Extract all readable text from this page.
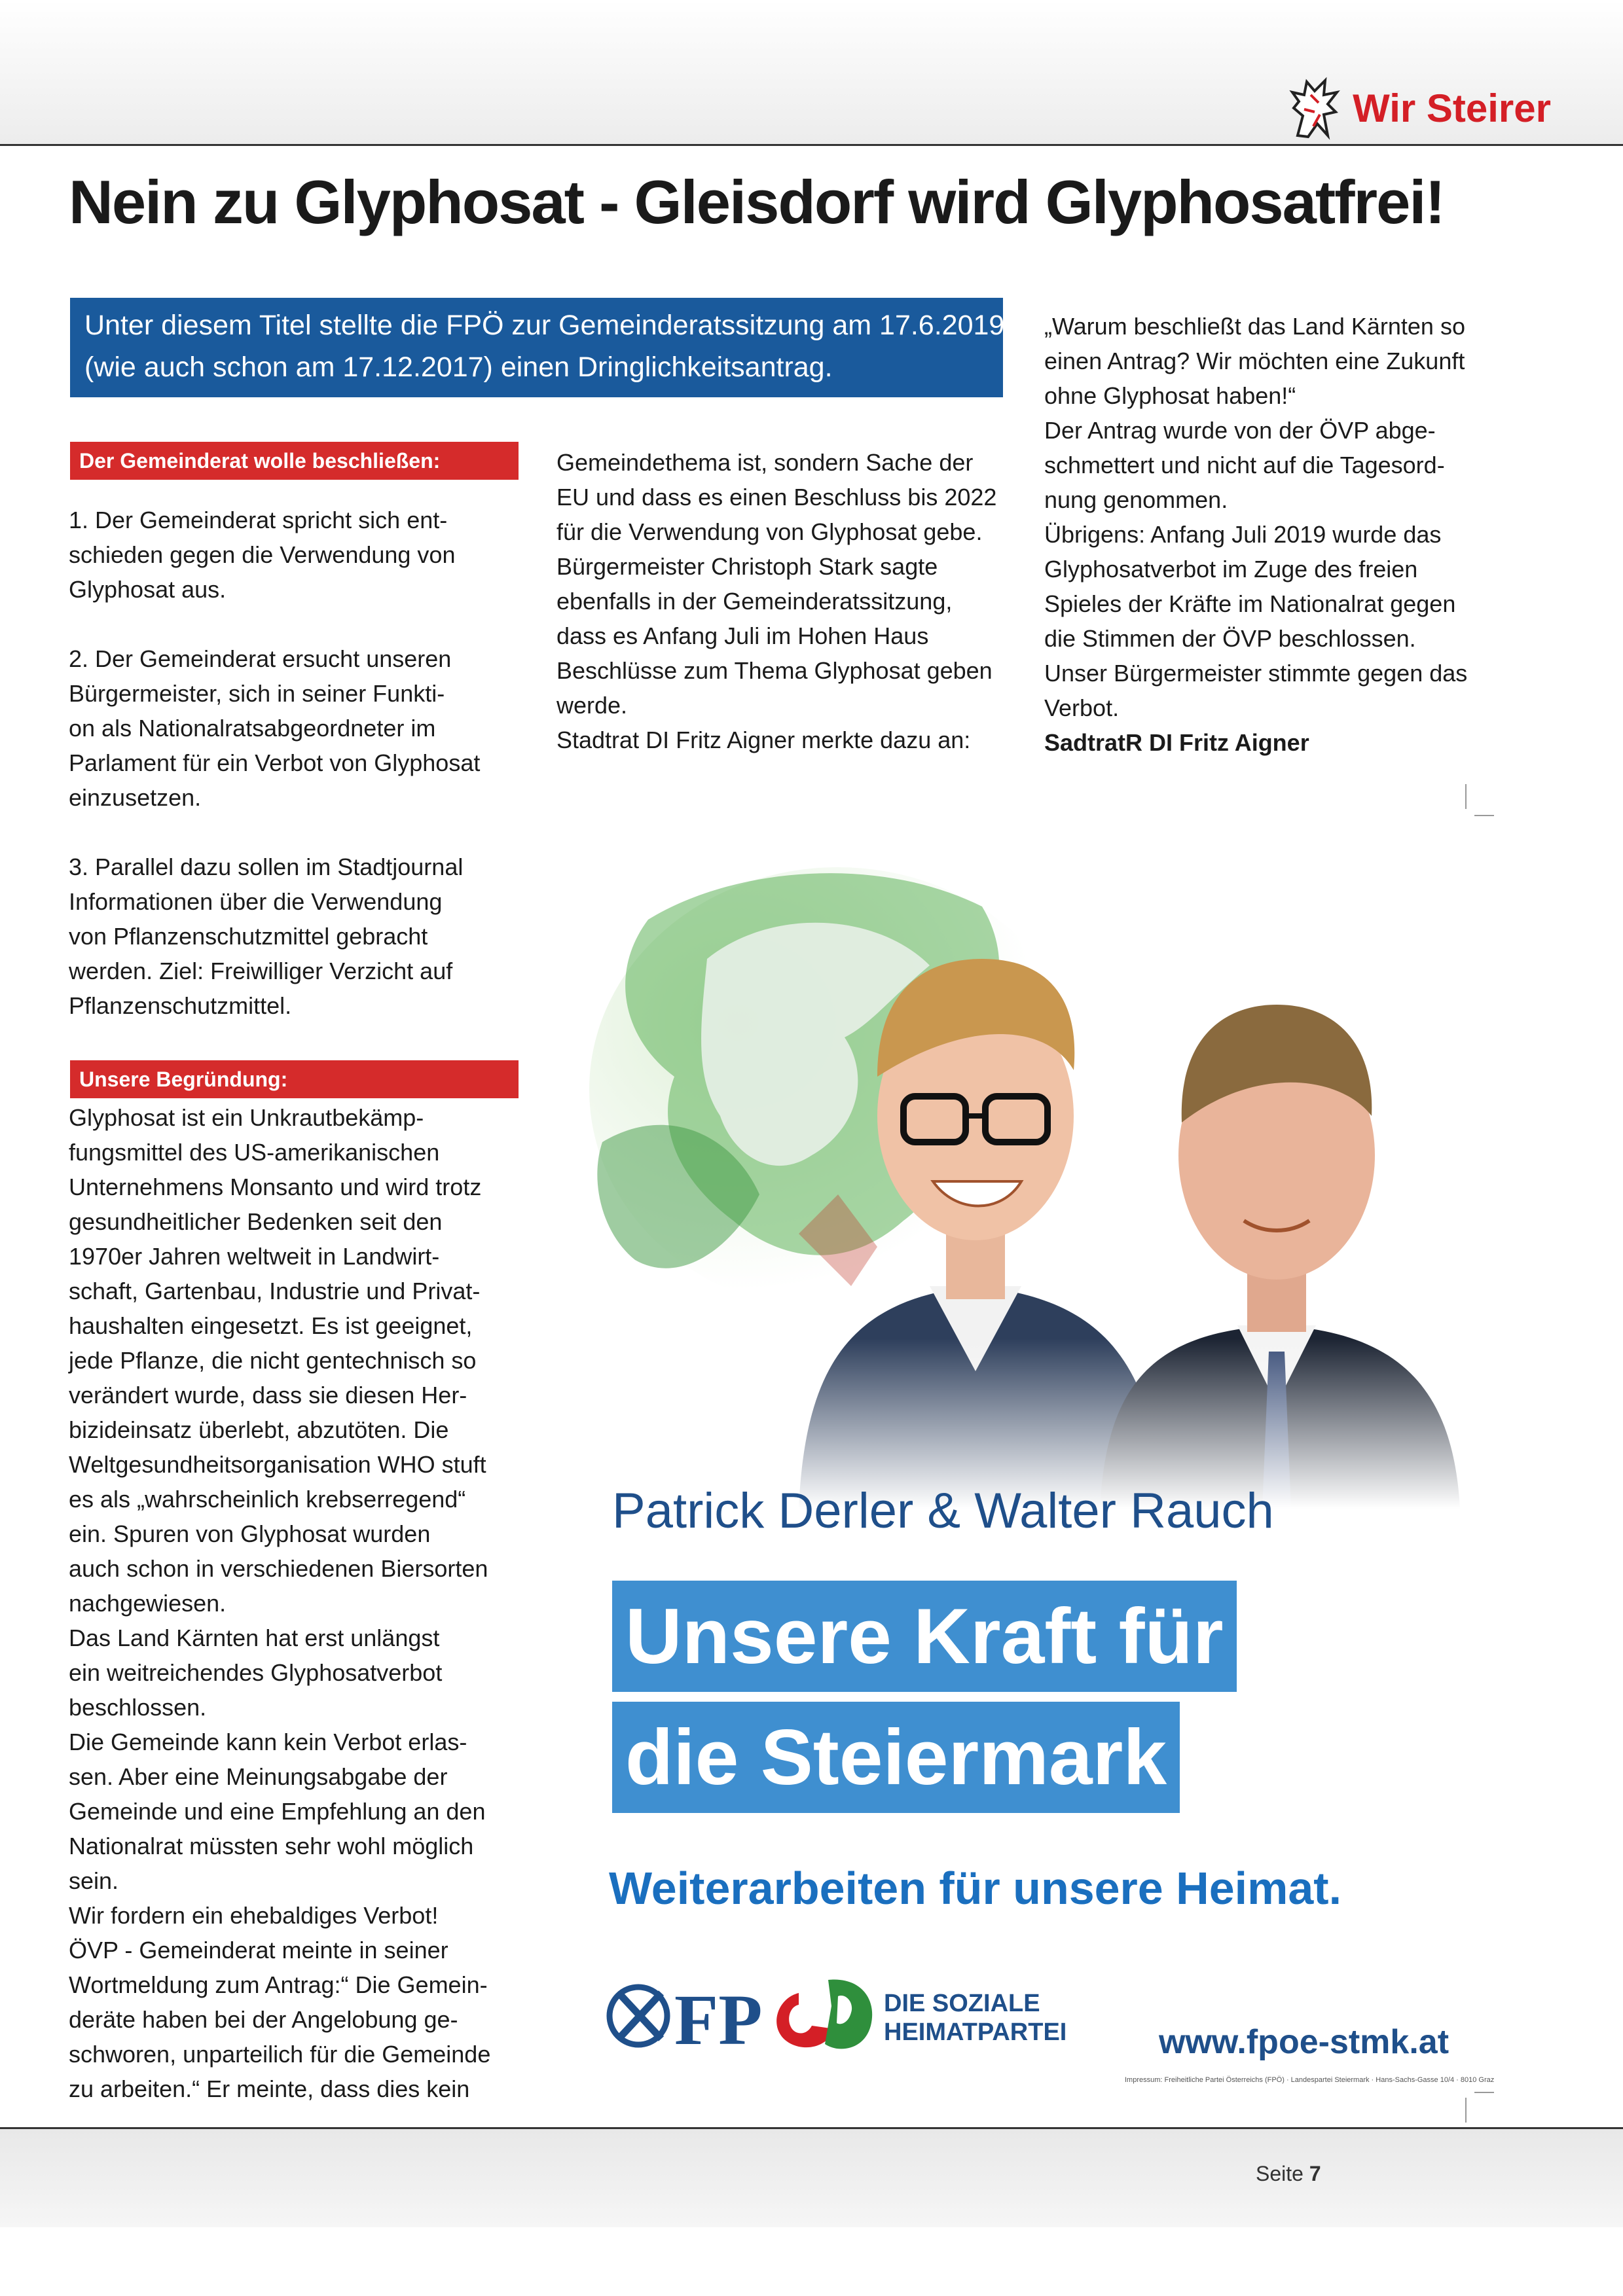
Wir Steirer
Nein zu Glyphosat - Gleisdorf wird Glyphosatfrei!
Unter diesem Titel stellte die FPÖ zur Gemeinderatssitzung am 17.6.2019
(wie auch schon am 17.12.2017) einen Dringlichkeitsantrag.
Der Gemeinderat wolle beschließen:
1. Der Gemeinderat spricht sich ent-
schieden gegen die Verwendung von
Glyphosat aus.
2. Der Gemeinderat ersucht unseren
Bürgermeister, sich in seiner Funkti-
on als Nationalratsabgeordneter im
Parlament für ein Verbot von Glyphosat
einzusetzen.
3. Parallel dazu sollen im Stadtjournal
Informationen über die Verwendung
von Pflanzenschutzmittel gebracht
werden. Ziel: Freiwilliger Verzicht auf
Pflanzenschutzmittel.
Unsere Begründung:
Glyphosat ist ein Unkrautbekämp-
fungsmittel des US-amerikanischen
Unternehmens Monsanto und wird trotz
gesundheitlicher Bedenken seit den
1970er Jahren weltweit in Landwirt-
schaft, Gartenbau, Industrie und Privat-
haushalten eingesetzt. Es ist geeignet,
jede Pflanze, die nicht gentechnisch so
verändert wurde, dass sie diesen Her-
bizideinsatz überlebt, abzutöten. Die
Weltgesundheitsorganisation WHO stuft
es als „wahrscheinlich krebserregend“
ein. Spuren von Glyphosat wurden
auch schon in verschiedenen Biersorten
nachgewiesen.
Das Land Kärnten hat erst unlängst
ein weitreichendes Glyphosatverbot
beschlossen.
Die Gemeinde kann kein Verbot erlas-
sen. Aber eine Meinungsabgabe der
Gemeinde und eine Empfehlung an den
Nationalrat müssten sehr wohl möglich
sein.
Wir fordern ein ehebaldiges Verbot!
ÖVP - Gemeinderat meinte in seiner
Wortmeldung zum Antrag:“ Die Gemein-
deräte haben bei der Angelobung ge-
schworen, unparteilich für die Gemeinde
zu arbeiten.“ Er meinte, dass dies kein
Gemeindethema ist, sondern Sache der
EU und dass es einen Beschluss bis 2022
für die Verwendung von Glyphosat gebe.
Bürgermeister Christoph Stark sagte
ebenfalls in der Gemeinderatssitzung,
dass es Anfang Juli im Hohen Haus
Beschlüsse zum Thema Glyphosat geben
werde.
Stadtrat DI Fritz Aigner merkte dazu an:
„Warum beschließt das Land Kärnten so
einen Antrag? Wir möchten eine Zukunft
ohne Glyphosat haben!“
Der Antrag wurde von der ÖVP abge-
schmettert und nicht auf die Tagesord-
nung genommen.
Übrigens: Anfang Juli 2019 wurde das
Glyphosatverbot im Zuge des freien
Spieles der Kräfte im Nationalrat gegen
die Stimmen der ÖVP beschlossen.
Unser Bürgermeister stimmte gegen das
Verbot.
SadtratR DI Fritz Aigner
Patrick Derler & Walter Rauch
Unsere Kraft für
die Steiermark
Weiterarbeiten für unsere Heimat.
FP	DIE SOZIALE
HEIMATPARTEI	www.fpoe-stmk.at
Impressum: Freiheitliche Partei Österreichs (FPÖ) · Landespartei Steiermark · Hans-Sachs-Gasse 10/4 · 8010 Graz
Seite 7
